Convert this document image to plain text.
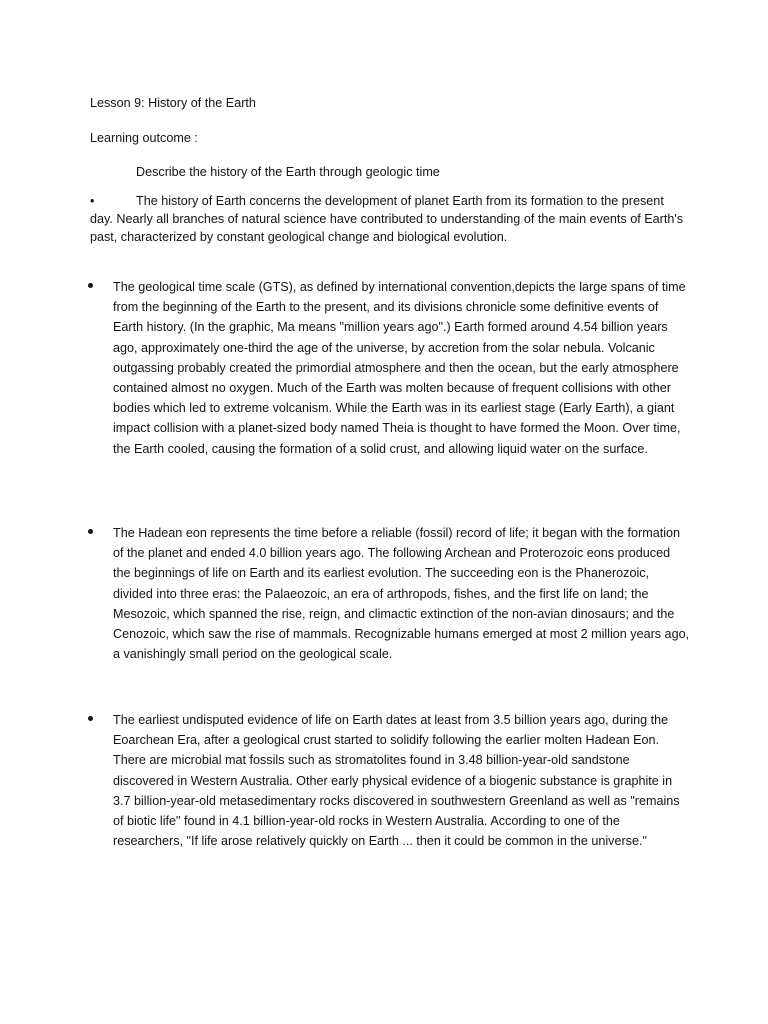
Lesson 9: History of the Earth
Learning outcome :
Describe the history of the Earth through geologic time
•	The history of Earth concerns the development of planet Earth from its formation to the present day. Nearly all branches of natural science have contributed to understanding of the main events of Earth's past, characterized by constant geological change and biological evolution.
The geological time scale (GTS), as defined by international convention,depicts the large spans of time from the beginning of the Earth to the present, and its divisions chronicle some definitive events of Earth history. (In the graphic, Ma means "million years ago".) Earth formed around 4.54 billion years ago, approximately one-third the age of the universe, by accretion from the solar nebula. Volcanic outgassing probably created the primordial atmosphere and then the ocean, but the early atmosphere contained almost no oxygen. Much of the Earth was molten because of frequent collisions with other bodies which led to extreme volcanism. While the Earth was in its earliest stage (Early Earth), a giant impact collision with a planet-sized body named Theia is thought to have formed the Moon. Over time, the Earth cooled, causing the formation of a solid crust, and allowing liquid water on the surface.
The Hadean eon represents the time before a reliable (fossil) record of life; it began with the formation of the planet and ended 4.0 billion years ago. The following Archean and Proterozoic eons produced the beginnings of life on Earth and its earliest evolution. The succeeding eon is the Phanerozoic, divided into three eras: the Palaeozoic, an era of arthropods, fishes, and the first life on land; the Mesozoic, which spanned the rise, reign, and climactic extinction of the non-avian dinosaurs; and the Cenozoic, which saw the rise of mammals. Recognizable humans emerged at most 2 million years ago, a vanishingly small period on the geological scale.
The earliest undisputed evidence of life on Earth dates at least from 3.5 billion years ago, during the Eoarchean Era, after a geological crust started to solidify following the earlier molten Hadean Eon. There are microbial mat fossils such as stromatolites found in 3.48 billion-year-old sandstone discovered in Western Australia. Other early physical evidence of a biogenic substance is graphite in 3.7 billion-year-old metasedimentary rocks discovered in southwestern Greenland as well as "remains of biotic life" found in 4.1 billion-year-old rocks in Western Australia. According to one of the researchers, "If life arose relatively quickly on Earth ... then it could be common in the universe."
